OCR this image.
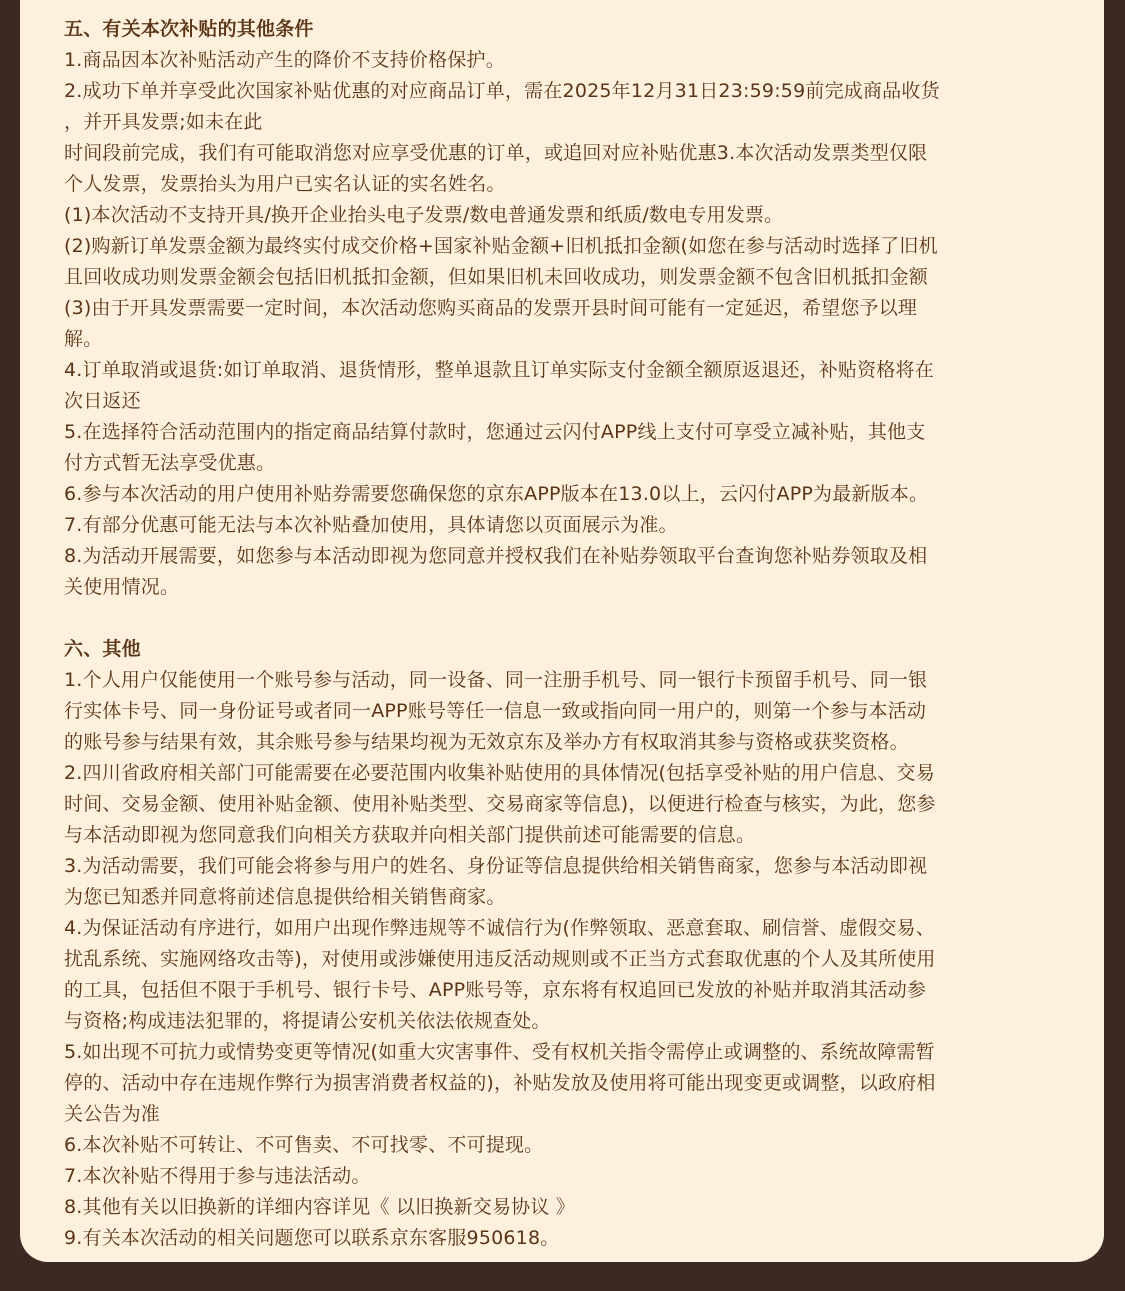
五、有关本次补贴的其他条件
1.商品因本次补贴活动产生的降价不支持价格保护。
2.成功下单并享受此次国家补贴优惠的对应商品订单，需在2025年12月31日23:59:59前完成商品收货
，并开具发票;如未在此
时间段前完成，我们有可能取消您对应享受优惠的订单，或追回对应补贴优惠3.本次活动发票类型仅限
个人发票，发票抬头为用户已实名认证的实名姓名。
(1)本次活动不支持开具/换开企业抬头电子发票/数电普通发票和纸质/数电专用发票。
(2)购新订单发票金额为最终实付成交价格+国家补贴金额+旧机抵扣金额(如您在参与活动时选择了旧机
且回收成功则发票金额会包括旧机抵扣金额，但如果旧机未回收成功，则发票金额不包含旧机抵扣金额
(3)由于开具发票需要一定时间，本次活动您购买商品的发票开县时间可能有一定延迟，希望您予以理
解。
4.订单取消或退货:如订单取消、退货情形，整单退款且订单实际支付金额全额原返退还，补贴资格将在
次日返还
5.在选择符合活动范围内的指定商品结算付款时，您通过云闪付APP线上支付可享受立减补贴，其他支
付方式暂无法享受优惠。
6.参与本次活动的用户使用补贴券需要您确保您的京东APP版本在13.0以上，云闪付APP为最新版本。
7.有部分优惠可能无法与本次补贴叠加使用，具体请您以页面展示为准。
8.为活动开展需要，如您参与本活动即视为您同意并授权我们在补贴券领取平台查询您补贴券领取及相
关使用情况。
六、其他
1.个人用户仅能使用一个账号参与活动，同一设备、同一注册手机号、同一银行卡预留手机号、同一银
行实体卡号、同一身份证号或者同一APP账号等任一信息一致或指向同一用户的，则第一个参与本活动
的账号参与结果有效，其余账号参与结果均视为无效京东及举办方有权取消其参与资格或获奖资格。
2.四川省政府相关部门可能需要在必要范围内收集补贴使用的具体情况(包括享受补贴的用户信息、交易
时间、交易金额、使用补贴金额、使用补贴类型、交易商家等信息)，以便进行检查与核实，为此，您参
与本活动即视为您同意我们向相关方获取并向相关部门提供前述可能需要的信息。
3.为活动需要，我们可能会将参与用户的姓名、身份证等信息提供给相关销售商家，您参与本活动即视
为您已知悉并同意将前述信息提供给相关销售商家。
4.为保证活动有序进行，如用户出现作弊违规等不诚信行为(作弊领取、恶意套取、刷信誉、虚假交易、
扰乱系统、实施网络攻击等)，对使用或涉嫌使用违反活动规则或不正当方式套取优惠的个人及其所使用
的工具，包括但不限于手机号、银行卡号、APP账号等，京东将有权追回已发放的补贴并取消其活动参
与资格;构成违法犯罪的，将提请公安机关依法依规查处。
5.如出现不可抗力或情势变更等情况(如重大灾害事件、受有权机关指令需停止或调整的、系统故障需暂
停的、活动中存在违规作弊行为损害消费者权益的)，补贴发放及使用将可能出现变更或调整，以政府相
关公告为准
6.本次补贴不可转让、不可售卖、不可找零、不可提现。
7.本次补贴不得用于参与违法活动。
8.其他有关以旧换新的详细内容详见《 以旧换新交易协议 》
9.有关本次活动的相关问题您可以联系京东客服950618。
